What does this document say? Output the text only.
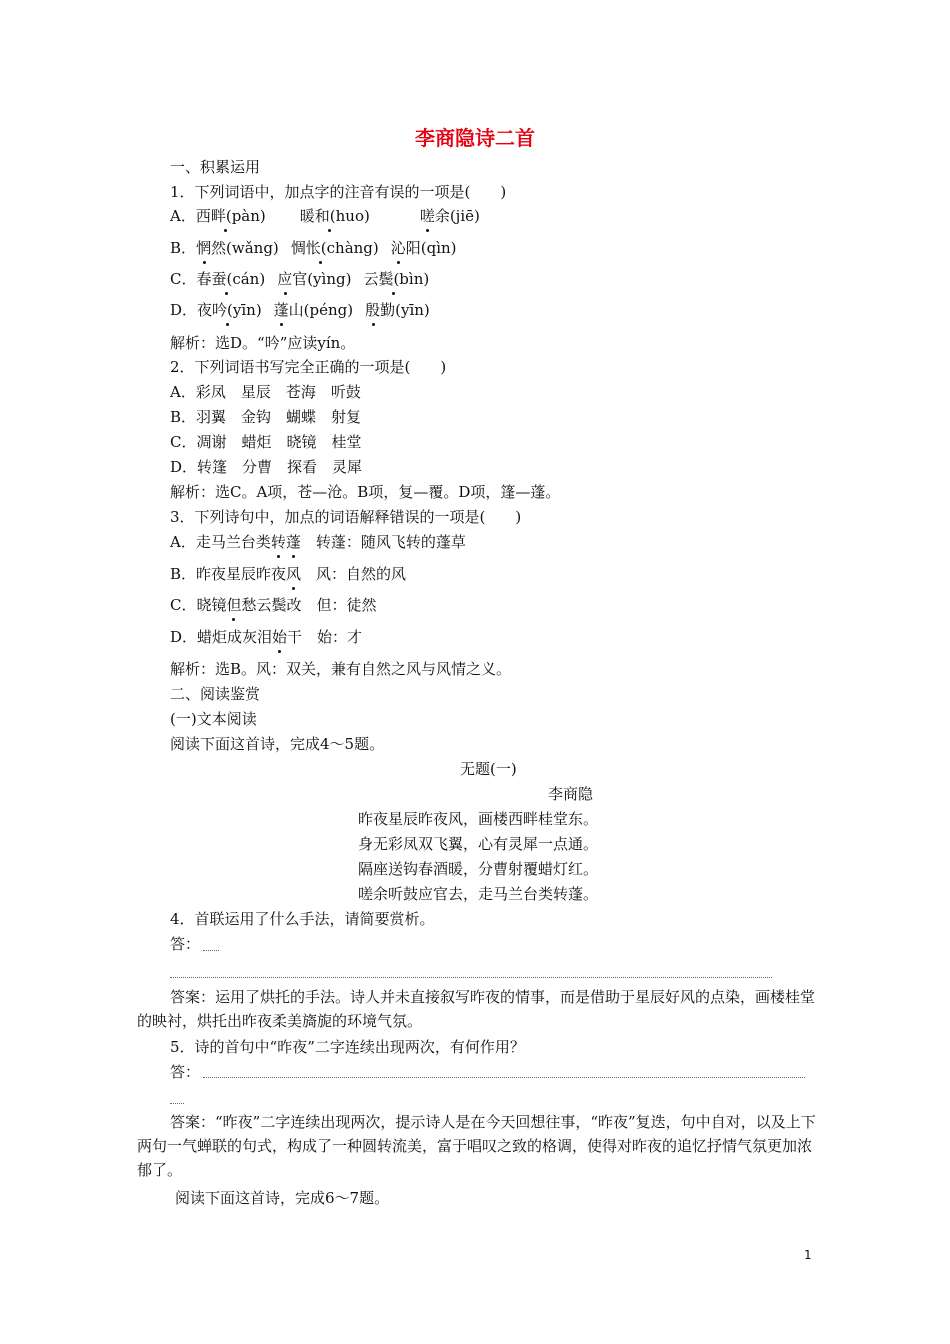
李商隐诗二首
一、积累运用
1．下列词语中，加点字的注音有误的一项是(　　)
A．西畔(pàn) 暖和(huo)	嗟余(jiē)
B．惘然(wǎng) 惆怅(chàng) 沁阳(qìn)
C．春蚕(cán) 应官(yìng) 云鬓(bìn)
D．夜吟(yīn) 蓬山(péng) 殷勤(yīn)
解析：选D。“吟”应读yín。
2．下列词语书写完全正确的一项是(　　)
A．彩凤　星辰　苍海　听鼓
B．羽翼　金钩　蝴蝶　射复
C．凋谢　蜡炬　晓镜　桂堂
D．转篷　分曹　探看　灵犀
解析：选C。A项，苍—沧。B项，复—覆。D项，篷—蓬。
3．下列诗句中，加点的词语解释错误的一项是(　　)
A．走马兰台类转蓬
　转蓬：随风飞转的蓬草
B．昨夜星辰昨夜风
　风：自然的风
C．晓镜但
愁云鬓改　但：徒然
D．蜡炬成灰泪始
干　始：才
解析：选B。风：双关，兼有自然之风与风情之义。
二、阅读鉴赏
(一)文本阅读
阅读下面这首诗，完成4～5题。
无题(一)
李商隐
昨夜星辰昨夜风，画楼西畔桂堂东。
身无彩凤双飞翼，心有灵犀一点通。
隔座送钩春酒暖，分曹射覆蜡灯红。
嗟余听鼓应官去，走马兰台类转蓬。
4．首联运用了什么手法，请简要赏析。
答：
答案：运用了烘托的手法。诗人并未直接叙写昨夜的情事，而是借助于星辰好风的点染，画楼桂堂的映衬，烘托出昨夜柔美旖旎的环境气氛。
5．诗的首句中“昨夜”二字连续出现两次，有何作用？
答：
答案：“昨夜”二字连续出现两次，提示诗人是在今天回想往事，“昨夜”复迭，句中自对，以及上下两句一气蝉联的句式，构成了一种圆转流美，富于唱叹之致的格调，使得对昨夜的追忆抒情气氛更加浓郁了。
阅读下面这首诗，完成6～7题。
1
